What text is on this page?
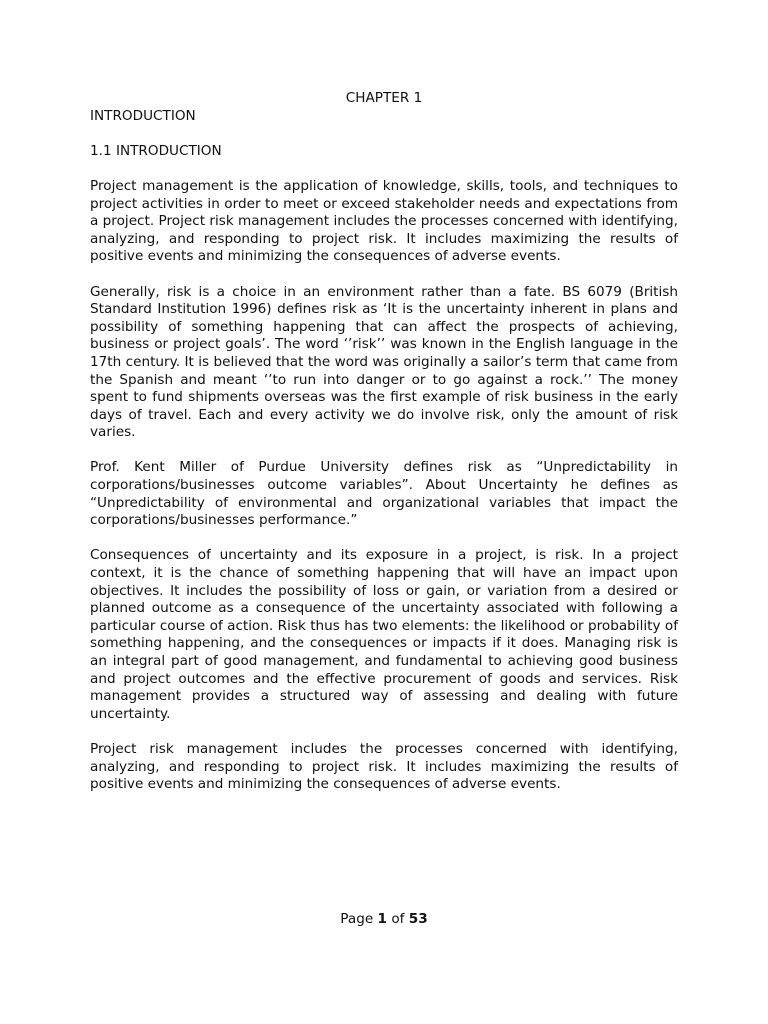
CHAPTER 1
INTRODUCTION
1.1 INTRODUCTION

Project management is the application of knowledge, skills, tools, and techniques to project activities in order to meet or exceed stakeholder needs and expectations from a project. Project risk management includes the processes concerned with identifying, analyzing, and responding to project risk. It includes maximizing the results of positive events and minimizing the consequences of adverse events.

Generally, risk is a choice in an environment rather than a fate. BS 6079 (British Standard Institution 1996) defines risk as ‘It is the uncertainty inherent in plans and possibility of something happening that can affect the prospects of achieving, business or project goals’. The word ‘’risk’’ was known in the English language in the 17th century. It is believed that the word was originally a sailor’s term that came from the Spanish and meant ‘’to run into danger or to go against a rock.’’ The money spent to fund shipments overseas was the first example of risk business in the early days of travel. Each and every activity we do involve risk, only the amount of risk varies.

Prof. Kent Miller of Purdue University defines risk as “Unpredictability in corporations/businesses outcome variables”. About Uncertainty he defines as “Unpredictability of environmental and organizational variables that impact the corporations/businesses performance.”

Consequences of uncertainty and its exposure in a project, is risk. In a project context, it is the chance of something happening that will have an impact upon objectives. It includes the possibility of loss or gain, or variation from a desired or planned outcome as a consequence of the uncertainty associated with following a particular course of action. Risk thus has two elements: the likelihood or probability of something happening, and the consequences or impacts if it does. Managing risk is an integral part of good management, and fundamental to achieving good business and project outcomes and the effective procurement of goods and services. Risk management provides a structured way of assessing and dealing with future uncertainty.

Project risk management includes the processes concerned with identifying, analyzing, and responding to project risk. It includes maximizing the results of positive events and minimizing the consequences of adverse events.

Page 1 of 53
